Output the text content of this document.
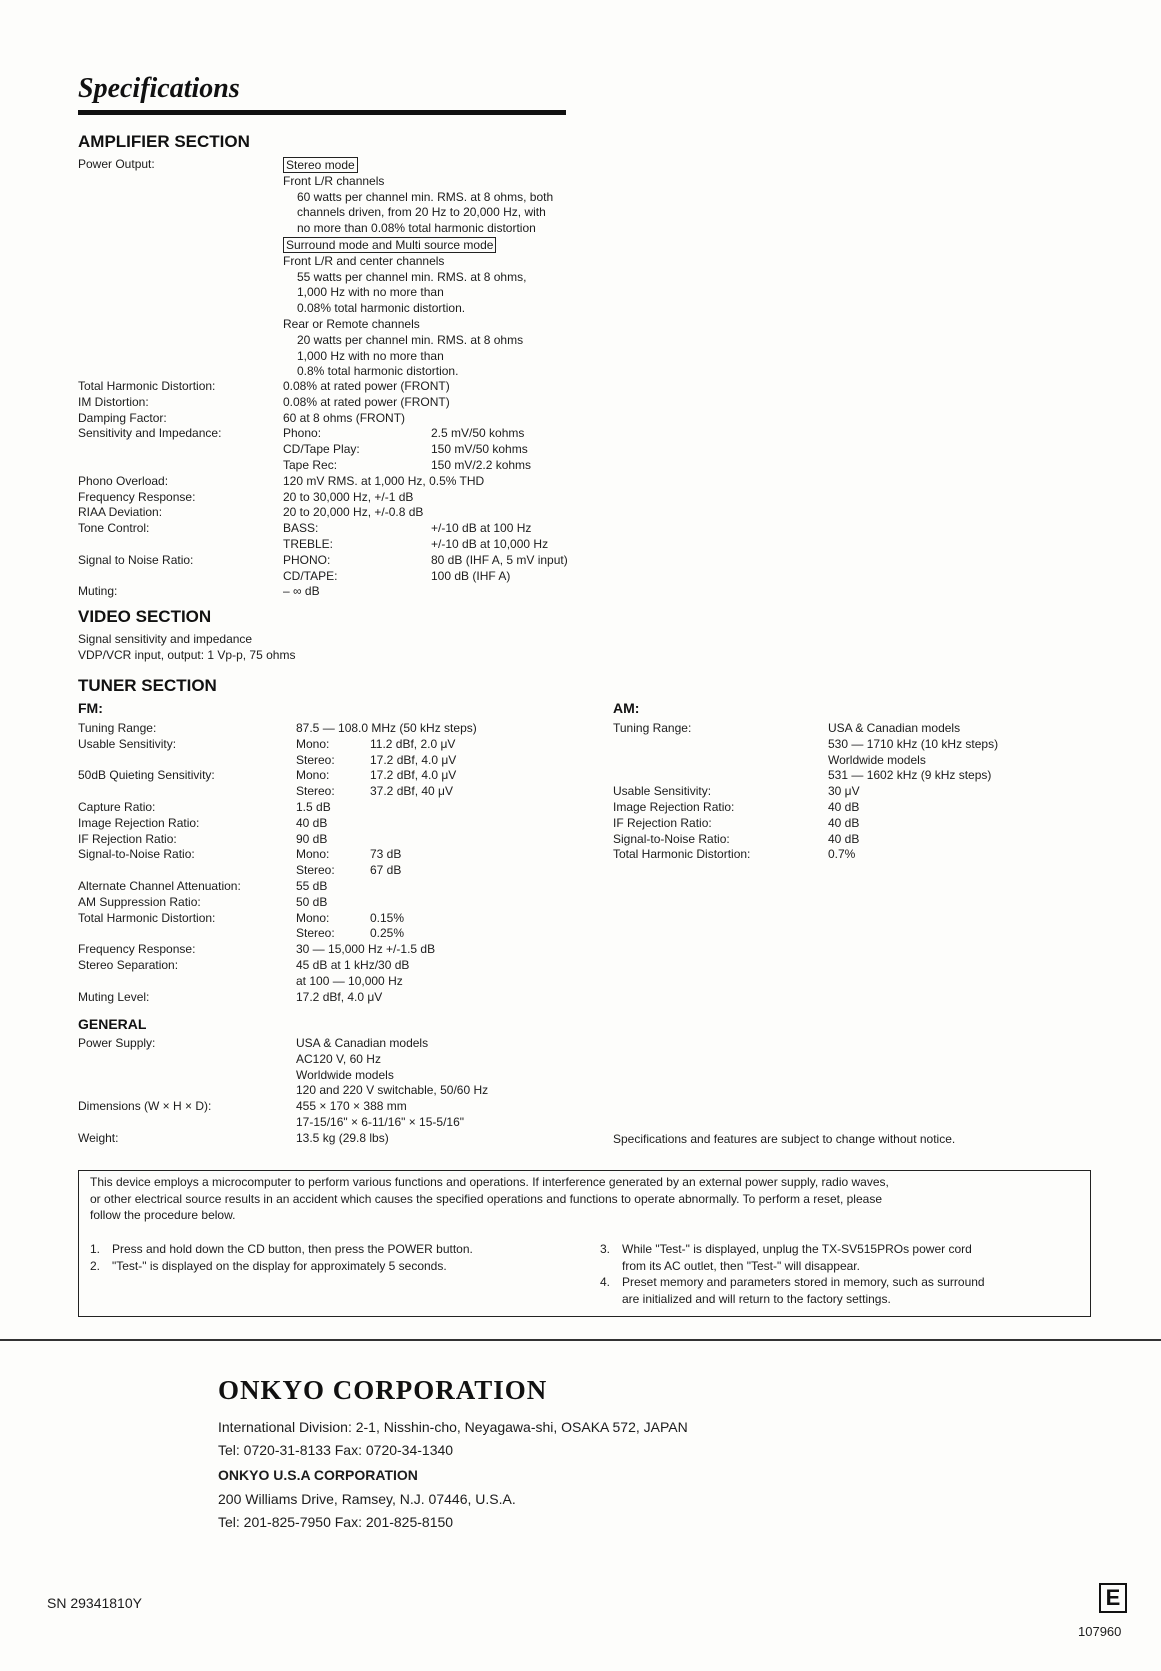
Specifications
AMPLIFIER SECTION
Power Output:	Stereo mode
Front L/R channels
60 watts per channel min. RMS. at 8 ohms, both
channels driven, from 20 Hz to 20,000 Hz, with
no more than 0.08% total harmonic distortion
Surround mode and Multi source mode
Front L/R and center channels
55 watts per channel min. RMS. at 8 ohms,
1,000 Hz with no more than
0.08% total harmonic distortion.
Rear or Remote channels
20 watts per channel min. RMS. at 8 ohms
1,000 Hz with no more than
0.8% total harmonic distortion.
Total Harmonic Distortion:	0.08% at rated power (FRONT)
IM Distortion:	0.08% at rated power (FRONT)
Damping Factor:	60 at 8 ohms (FRONT)
Sensitivity and Impedance:	Phono:	2.5 mV/50 kohms
CD/Tape Play:	150 mV/50 kohms
Tape Rec:	150 mV/2.2 kohms
Phono Overload:	120 mV RMS. at 1,000 Hz, 0.5% THD
Frequency Response:	20 to 30,000 Hz, +/-1 dB
RIAA Deviation:	20 to 20,000 Hz, +/-0.8 dB
Tone Control:	BASS:	+/-10 dB at 100 Hz
TREBLE:	+/-10 dB at 10,000 Hz
Signal to Noise Ratio:	PHONO:	80 dB (IHF A, 5 mV input)
CD/TAPE:	100 dB (IHF A)
Muting:	– ∞ dB
VIDEO SECTION
Signal sensitivity and impedance
VDP/VCR input, output: 1 Vp-p, 75 ohms
TUNER SECTION
FM:
Tuning Range:	87.5 — 108.0 MHz (50 kHz steps)
Usable Sensitivity:	Mono:	11.2 dBf, 2.0 μV
Stereo:	17.2 dBf, 4.0 μV
50dB Quieting Sensitivity:	Mono:	17.2 dBf, 4.0 μV
Stereo:	37.2 dBf, 40 μV
Capture Ratio:	1.5 dB
Image Rejection Ratio:	40 dB
IF Rejection Ratio:	90 dB
Signal-to-Noise Ratio:	Mono:	73 dB
Stereo:	67 dB
Alternate Channel Attenuation:	55 dB
AM Suppression Ratio:	50 dB
Total Harmonic Distortion:	Mono:	0.15%
Stereo:	0.25%
Frequency Response:	30 — 15,000 Hz +/-1.5 dB
Stereo Separation:	45 dB at 1 kHz/30 dB
at 100 — 10,000 Hz
Muting Level:	17.2 dBf, 4.0 μV
AM:
Tuning Range:	USA & Canadian models
530 — 1710 kHz (10 kHz steps)
Worldwide models
531 — 1602 kHz (9 kHz steps)
Usable Sensitivity:	30 μV
Image Rejection Ratio:	40 dB
IF Rejection Ratio:	40 dB
Signal-to-Noise Ratio:	40 dB
Total Harmonic Distortion:	0.7%
GENERAL
Power Supply:	USA & Canadian models
AC120 V, 60 Hz
Worldwide models
120 and 220 V switchable, 50/60 Hz
Dimensions (W × H × D):	455 × 170 × 388 mm
17-15/16" × 6-11/16" × 15-5/16"
Weight:	13.5 kg (29.8 lbs)	Specifications and features are subject to change without notice.
This device employs a microcomputer to perform various functions and operations. If interference generated by an external power supply, radio waves,
or other electrical source results in an accident which causes the specified operations and functions to operate abnormally. To perform a reset, please
follow the procedure below.
1. Press and hold down the CD button, then press the POWER button.
2. "Test-" is displayed on the display for approximately 5 seconds.
3. While "Test-" is displayed, unplug the TX-SV515PROs power cord
from its AC outlet, then "Test-" will disappear.
4. Preset memory and parameters stored in memory, such as surround
are initialized and will return to the factory settings.
ONKYO CORPORATION
International Division: 2-1, Nisshin-cho, Neyagawa-shi, OSAKA 572, JAPAN
Tel: 0720-31-8133 Fax: 0720-34-1340
ONKYO U.S.A CORPORATION
200 Williams Drive, Ramsey, N.J. 07446, U.S.A.
Tel: 201-825-7950 Fax: 201-825-8150
SN 29341810Y	E
107960
